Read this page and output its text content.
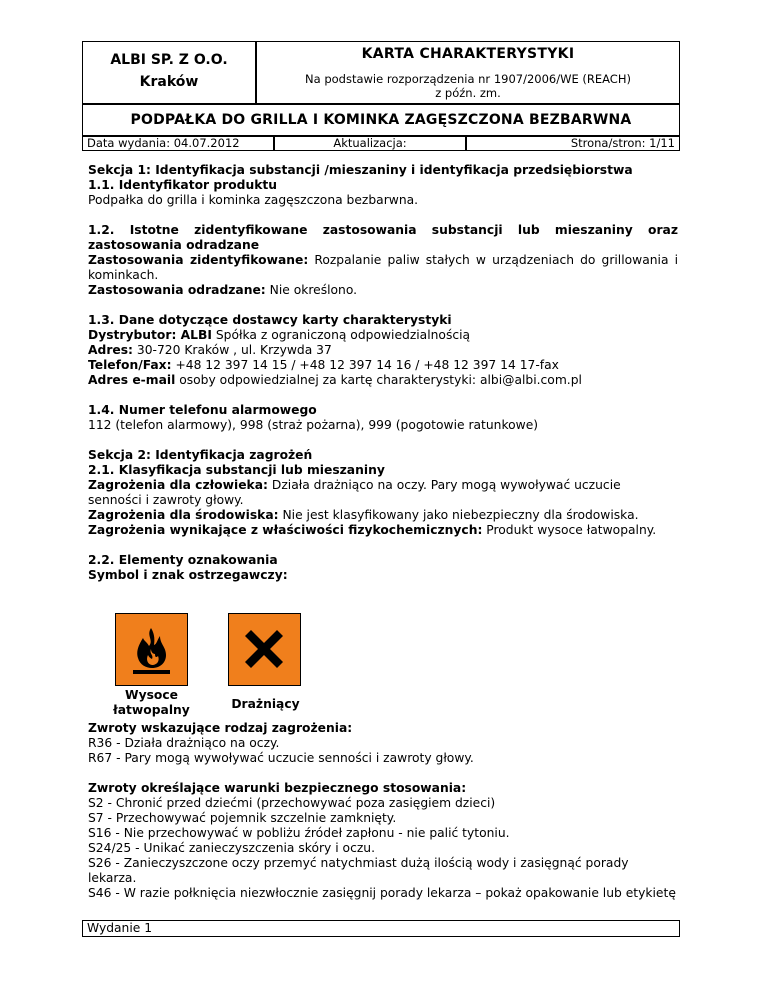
ALBI SP. Z O.O.
Kraków
KARTA CHARAKTERYSTYKI
Na podstawie rozporządzenia nr 1907/2006/WE (REACH)
z późn. zm.
PODPAŁKA DO GRILLA I KOMINKA ZAGĘSZCZONA BEZBARWNA
Data wydania: 04.07.2012	Aktualizacja:	Strona/stron: 1/11

Sekcja 1: Identyfikacja substancji /mieszaniny i identyfikacja przedsiębiorstwa

1.1. Identyfikator produktu

Podpałka do grilla i kominka zagęszczona bezbarwna.

1.2. Istotne zidentyfikowane zastosowania substancji lub mieszaniny oraz zastosowania odradzane

Zastosowania zidentyfikowane: Rozpalanie paliw stałych w urządzeniach do grillowania i kominkach.

Zastosowania odradzane: Nie określono.

1.3. Dane dotyczące dostawcy karty charakterystyki

Dystrybutor: ALBI Spółka z ograniczoną odpowiedzialnością

Adres: 30-720 Kraków , ul. Krzywda 37

Telefon/Fax: +48 12 397 14 15 / +48 12 397 14 16 / +48 12 397 14 17-fax

Adres e-mail osoby odpowiedzialnej za kartę charakterystyki: albi@albi.com.pl

1.4. Numer telefonu alarmowego

112 (telefon alarmowy), 998 (straż pożarna), 999 (pogotowie ratunkowe)

Sekcja 2: Identyfikacja zagrożeń

2.1. Klasyfikacja substancji lub mieszaniny

Zagrożenia dla człowieka: Działa drażniąco na oczy. Pary mogą wywoływać uczucie senności i zawroty głowy.

Zagrożenia dla środowiska: Nie jest klasyfikowany jako niebezpieczny dla środowiska.

Zagrożenia wynikające z właściwości fizykochemicznych: Produkt wysoce łatwopalny.

2.2. Elementy oznakowania

Symbol i znak ostrzegawczy:

Wysoce
łatwopalny	Drażniący

Zwroty wskazujące rodzaj zagrożenia:

R36 - Działa drażniąco na oczy.

R67 - Pary mogą wywoływać uczucie senności i zawroty głowy.

Zwroty określające warunki bezpiecznego stosowania:

S2 - Chronić przed dziećmi (przechowywać poza zasięgiem dzieci)

S7 - Przechowywać pojemnik szczelnie zamknięty.

S16 - Nie przechowywać w pobliżu źródeł zapłonu - nie palić tytoniu.

S24/25 - Unikać zanieczyszczenia skóry i oczu.

S26 - Zanieczyszczone oczy przemyć natychmiast dużą ilością wody i zasięgnąć porady lekarza.

S46 - W razie połknięcia niezwłocznie zasięgnij porady lekarza – pokaż opakowanie lub etykietę

Wydanie 1
